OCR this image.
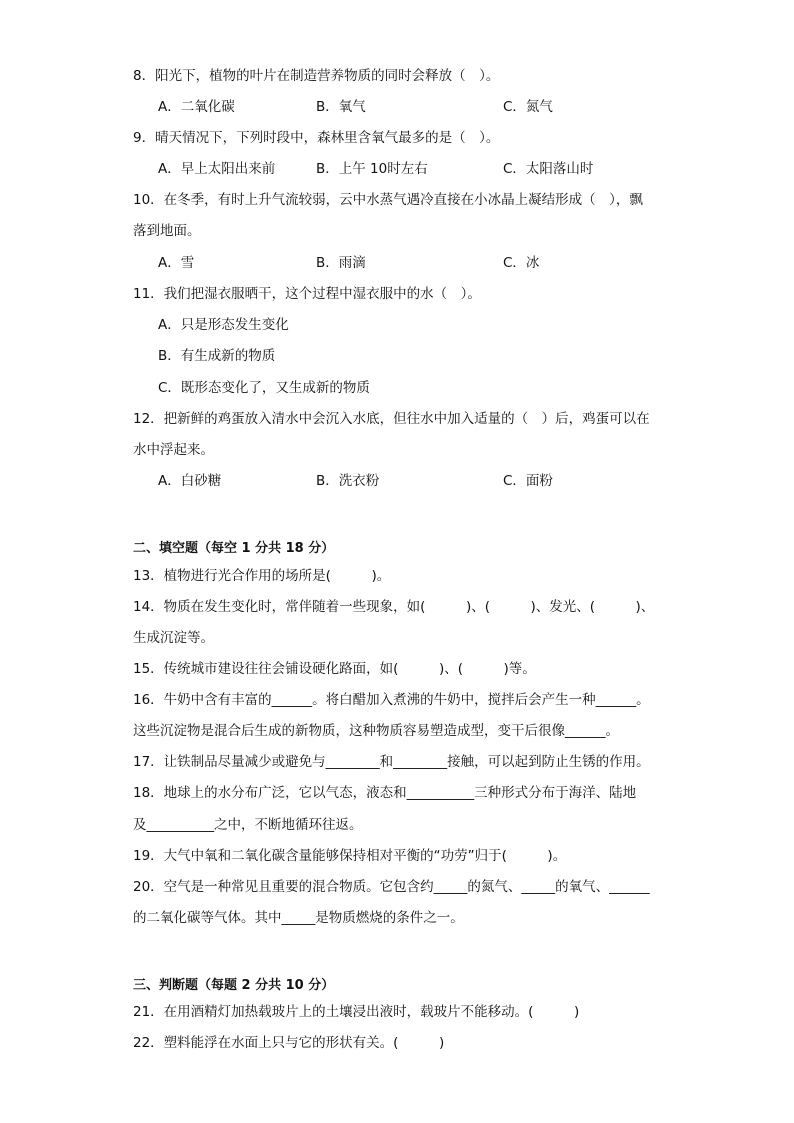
8．阳光下，植物的叶片在制造营养物质的同时会释放（　）。
A．二氧化碳	B．氧气	C．氮气
9．晴天情况下，下列时段中，森林里含氧气最多的是（　）。
A．早上太阳出来前	B．上午 10时左右	C．太阳落山时
10．在冬季，有时上升气流较弱，云中水蒸气遇冷直接在小冰晶上凝结形成（　），飘
落到地面。
A．雪	B．雨滴	C．冰
11．我们把湿衣服晒干，这个过程中湿衣服中的水（　）。
A．只是形态发生变化
B．有生成新的物质
C．既形态变化了，又生成新的物质
12．把新鲜的鸡蛋放入清水中会沉入水底，但往水中加入适量的（　）后，鸡蛋可以在
水中浮起来。
A．白砂糖	B．洗衣粉	C．面粉
二、填空题（每空 1 分共 18 分）
13．植物进行光合作用的场所是(　　　)。
14．物质在发生变化时，常伴随着一些现象，如(　　　)、(　　　)、发光、(　　　)、
生成沉淀等。
15．传统城市建设往往会铺设硬化路面，如(　　　)、(　　　)等。
16．牛奶中含有丰富的______。将白醋加入煮沸的牛奶中，搅拌后会产生一种______。
这些沉淀物是混合后生成的新物质，这种物质容易塑造成型，变干后很像______。
17．让铁制品尽量减少或避免与________和________接触，可以起到防止生锈的作用。
18．地球上的水分布广泛，它以气态，液态和__________三种形式分布于海洋、陆地
及__________之中，不断地循环往返。
19．大气中氧和二氧化碳含量能够保持相对平衡的“功劳”归于(　　　)。
20．空气是一种常见且重要的混合物质。它包含约_____的氮气、_____的氧气、______
的二氧化碳等气体。其中_____是物质燃烧的条件之一。
三、判断题（每题 2 分共 10 分）
21．在用酒精灯加热载玻片上的土壤浸出液时，载玻片不能移动。(　　　)
22．塑料能浮在水面上只与它的形状有关。(　　　)
